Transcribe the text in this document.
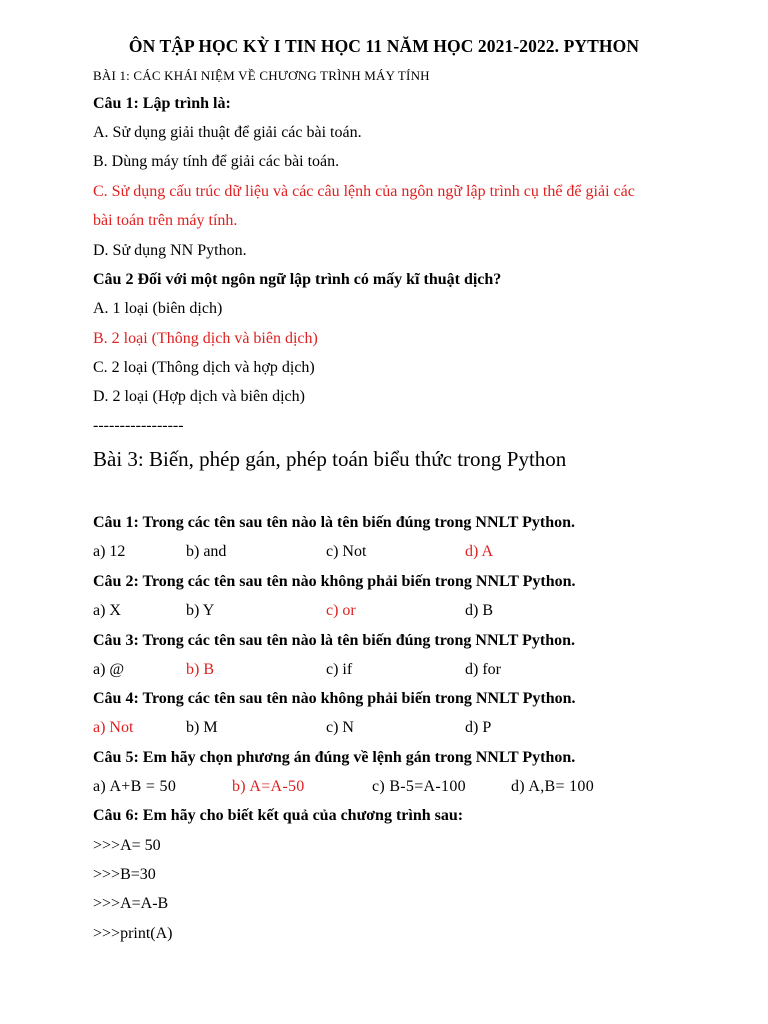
ÔN TẬP HỌC KỲ I TIN HỌC 11 NĂM HỌC 2021-2022. PYTHON
BÀI 1: CÁC KHÁI NIỆM VỀ CHƯƠNG TRÌNH MÁY TÍNH
Câu 1: Lập trình là:
A. Sử dụng giải thuật để giải các bài toán.
B. Dùng máy tính để giải các bài toán.
C. Sử dụng cấu trúc dữ liệu và các câu lệnh của ngôn ngữ lập trình cụ thể để giải các
bài toán trên máy tính.
D. Sử dụng NN Python.
Câu 2 Đối với một ngôn ngữ lập trình có mấy kĩ thuật dịch?
A. 1 loại (biên dịch)
B. 2 loại (Thông dịch và biên dịch)
C. 2 loại (Thông dịch và hợp dịch)
D. 2 loại (Hợp dịch và biên dịch)
-----------------
Bài 3: Biến, phép gán, phép toán biểu thức trong Python
Câu 1: Trong các tên sau tên nào là tên biến đúng trong NNLT Python.
a) 12	b) and	c) Not	d) A
Câu 2: Trong các tên sau tên nào không phải biến trong NNLT Python.
a) X	b) Y	c) or	d) B
Câu 3: Trong các tên sau tên nào là tên biến đúng trong NNLT Python.
a) @	b) B	c) if	d) for
Câu 4: Trong các tên sau tên nào không phải biến trong NNLT Python.
a) Not	b) M	c) N	d) P
Câu 5: Em hãy chọn phương án đúng về lệnh gán trong NNLT Python.
a) A+B = 50	b) A=A-50	c) B-5=A-100	d) A,B= 100
Câu 6: Em hãy cho biết kết quả của chương trình sau:
>>>A= 50
>>>B=30
>>>A=A-B
>>>print(A)
